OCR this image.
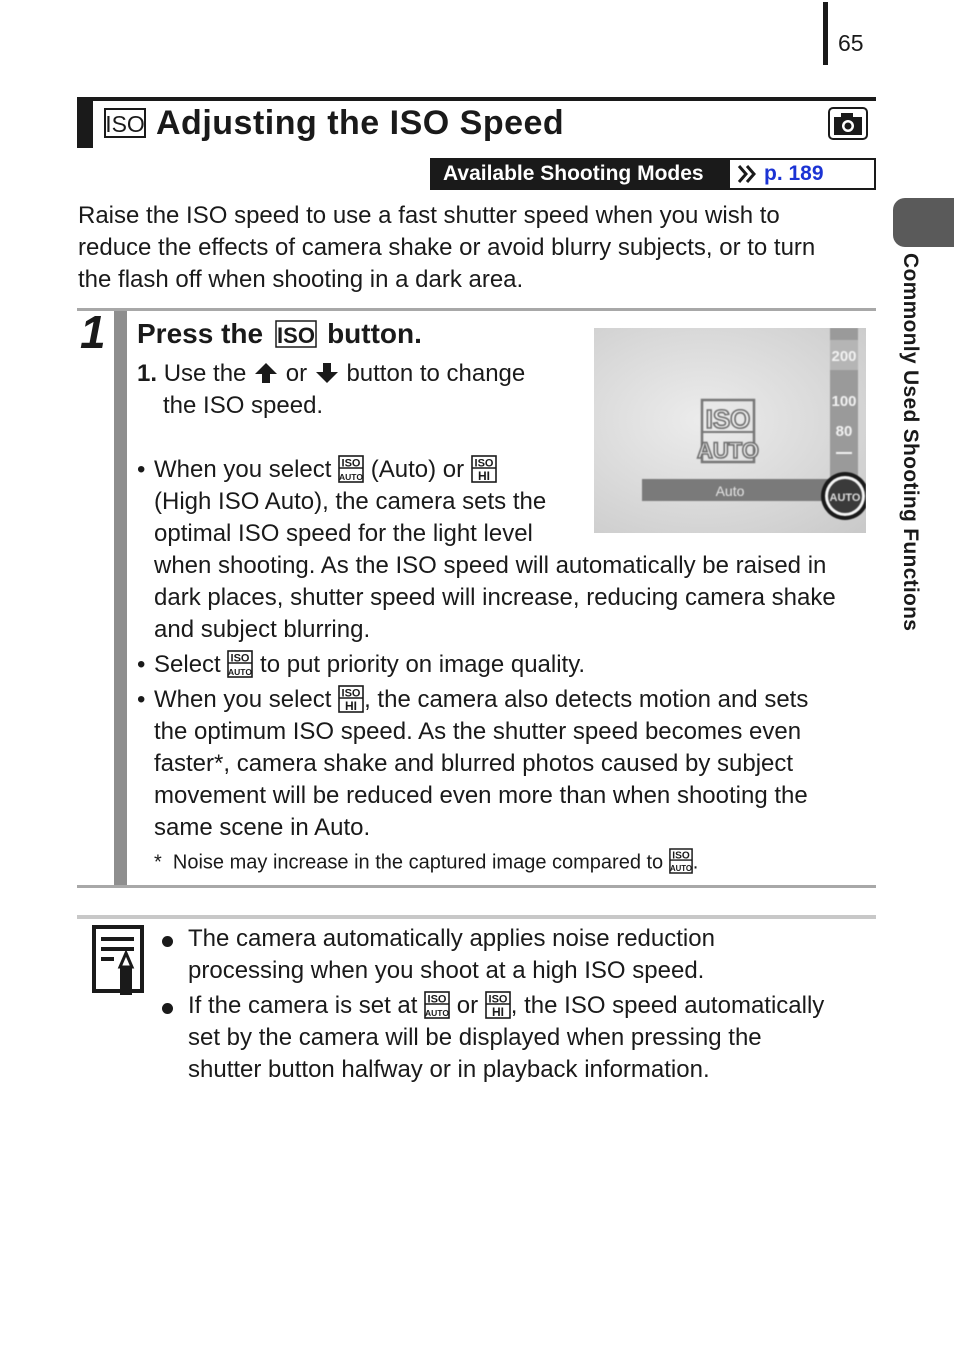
65
Commonly Used Shooting Functions
ISO Adjusting the ISO Speed
Available Shooting Modes	p. 189
Raise the ISO speed to use a fast shutter speed when you wish to
reduce the effects of camera shake or avoid blurry subjects, or to turn
the flash off when shooting in a dark area.
1 Press the ISO button.
1. Use the or button to change
the ISO speed.
• When you select ISO
AUTO (Auto) or ISO
HI
(High ISO Auto), the camera sets the
optimal ISO speed for the light level
when shooting. As the ISO speed will automatically be raised in
dark places, shutter speed will increase, reducing camera shake
and subject blurring.
• Select ISO
AUTO to put priority on image quality.
• When you select ISO
HI , the camera also detects motion and sets
the optimum ISO speed. As the shutter speed becomes even
faster*, camera shake and blurred photos caused by subject
movement will be reduced even more than when shooting the
same scene in Auto.
* Noise may increase in the captured image compared to ISO
AUTO .
200
100
80
Auto
ISO
AUTO
AUTO
The camera automatically applies noise reduction
processing when you shoot at a high ISO speed.
If the camera is set at ISO
AUTO or ISO
HI , the ISO speed automatically
set by the camera will be displayed when pressing the
shutter button halfway or in playback information.
